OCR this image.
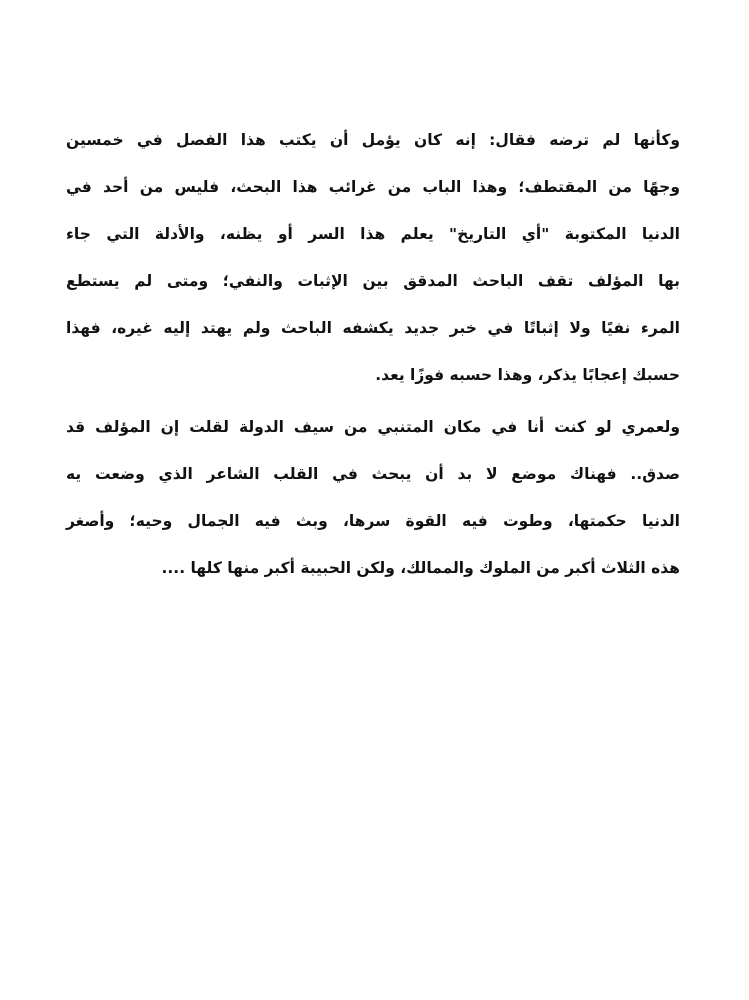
وكأنها لم ترضه فقال: إنه كان يؤمل أن يكتب هذا الفصل في خمسين
وجهًا من المقتطف؛ وهذا الباب من غرائب هذا البحث، فليس من أحد في
الدنيا المكتوبة "أي التاريخ" يعلم هذا السر أو يظنه، والأدلة التي جاء
بها المؤلف تقف الباحث المدقق بين الإثبات والنفي؛ ومتى لم يستطع
المرء نفيًا ولا إثباتًا في خبر جديد يكشفه الباحث ولم يهتد إليه غيره، فهذا
حسبك إعجابًا يذكر، وهذا حسبه فوزًا يعد.
ولعمري لو كنت أنا في مكان المتنبي من سيف الدولة لقلت إن المؤلف قد
صدق.. فهناك موضع لا بد أن يبحث في القلب الشاعر الذي وضعت يه
الدنيا حكمتها، وطوت فيه القوة سرها، وبث فيه الجمال وحيه؛ وأصغر
هذه الثلاث أكبر من الملوك والممالك، ولكن الحبيبة أكبر منها كلها ....
